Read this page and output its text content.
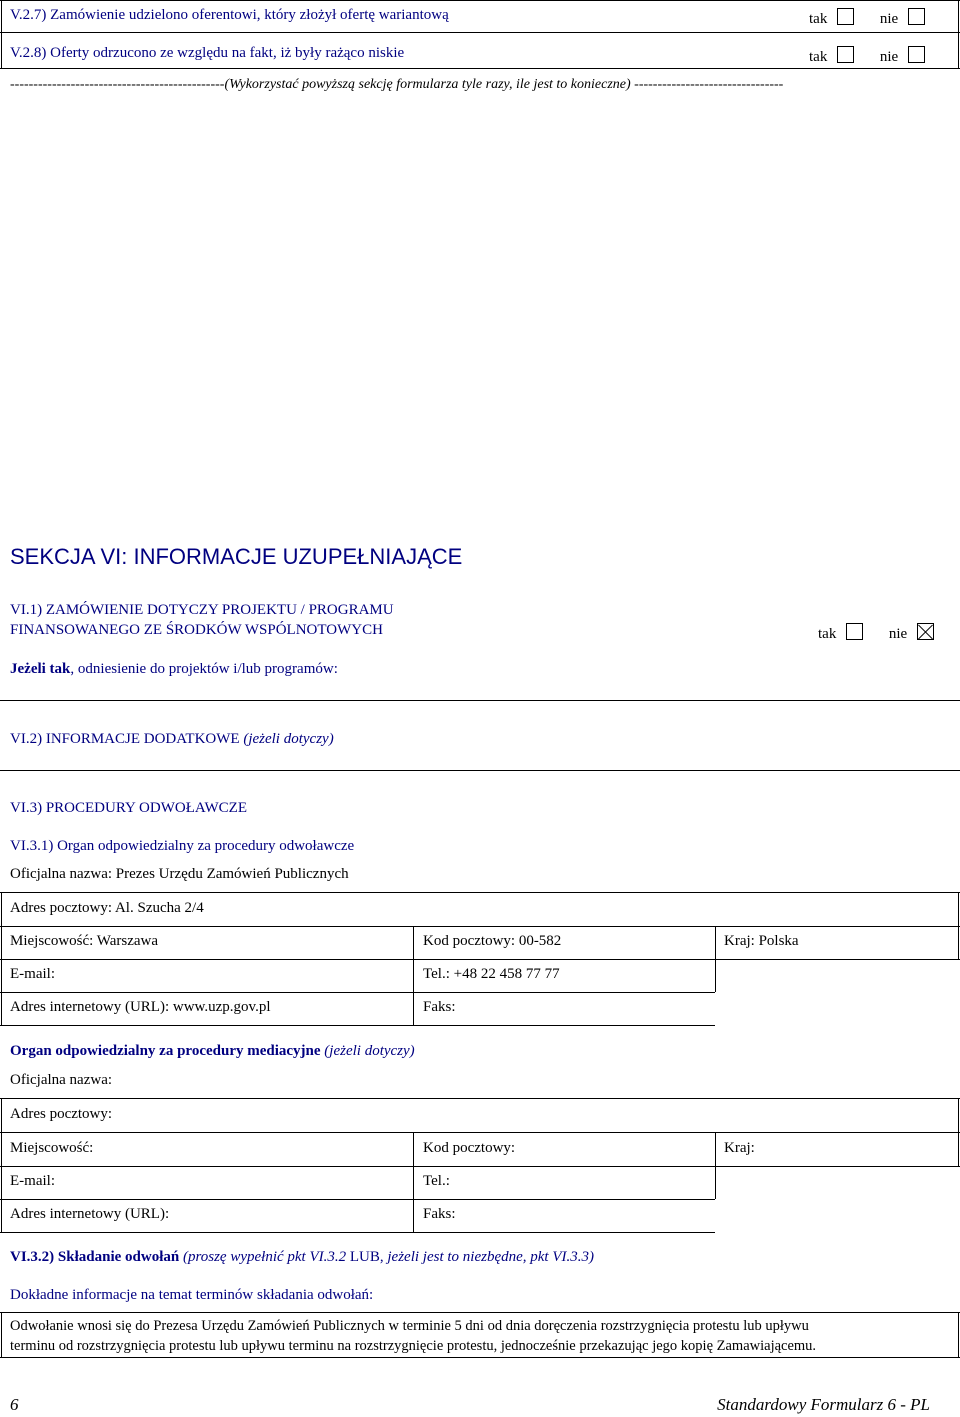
V.2.7) Zamówienie udzielono oferentowi, który złożył ofertę wariantową	tak	nie
V.2.8) Oferty odrzucono ze względu na fakt, iż były rażąco niskie	tak	nie
----------------------------------------------(Wykorzystać powyższą sekcję formularza tyle razy, ile jest to konieczne) --------------------------------
SEKCJA VI: INFORMACJE UZUPEŁNIAJĄCE
VI.1) ZAMÓWIENIE DOTYCZY PROJEKTU / PROGRAMU
FINANSOWANEGO ZE ŚRODKÓW WSPÓLNOTOWYCH	tak	nie
Jeżeli tak, odniesienie do projektów i/lub programów:
VI.2) INFORMACJE DODATKOWE (jeżeli dotyczy)
VI.3) PROCEDURY ODWOŁAWCZE
VI.3.1) Organ odpowiedzialny za procedury odwoławcze
Oficjalna nazwa: Prezes Urzędu Zamówień Publicznych
Adres pocztowy: Al. Szucha 2/4
Miejscowość: Warszawa	Kod pocztowy: 00-582	Kraj: Polska
E-mail:	Tel.: +48 22 458 77 77
Adres internetowy (URL): www.uzp.gov.pl	Faks:
Organ odpowiedzialny za procedury mediacyjne (jeżeli dotyczy)
Oficjalna nazwa:
Adres pocztowy:
Miejscowość:	Kod pocztowy:	Kraj:
E-mail:	Tel.:
Adres internetowy (URL):	Faks:
VI.3.2) Składanie odwołań (proszę wypełnić pkt VI.3.2 LUB, jeżeli jest to niezbędne, pkt VI.3.3)
Dokładne informacje na temat terminów składania odwołań:
Odwołanie wnosi się do Prezesa Urzędu Zamówień Publicznych w terminie 5 dni od dnia doręczenia rozstrzygnięcia protestu lub upływu
terminu od rozstrzygnięcia protestu lub upływu terminu na rozstrzygnięcie protestu, jednocześnie przekazując jego kopię Zamawiającemu.
6	Standardowy Formularz 6 - PL
